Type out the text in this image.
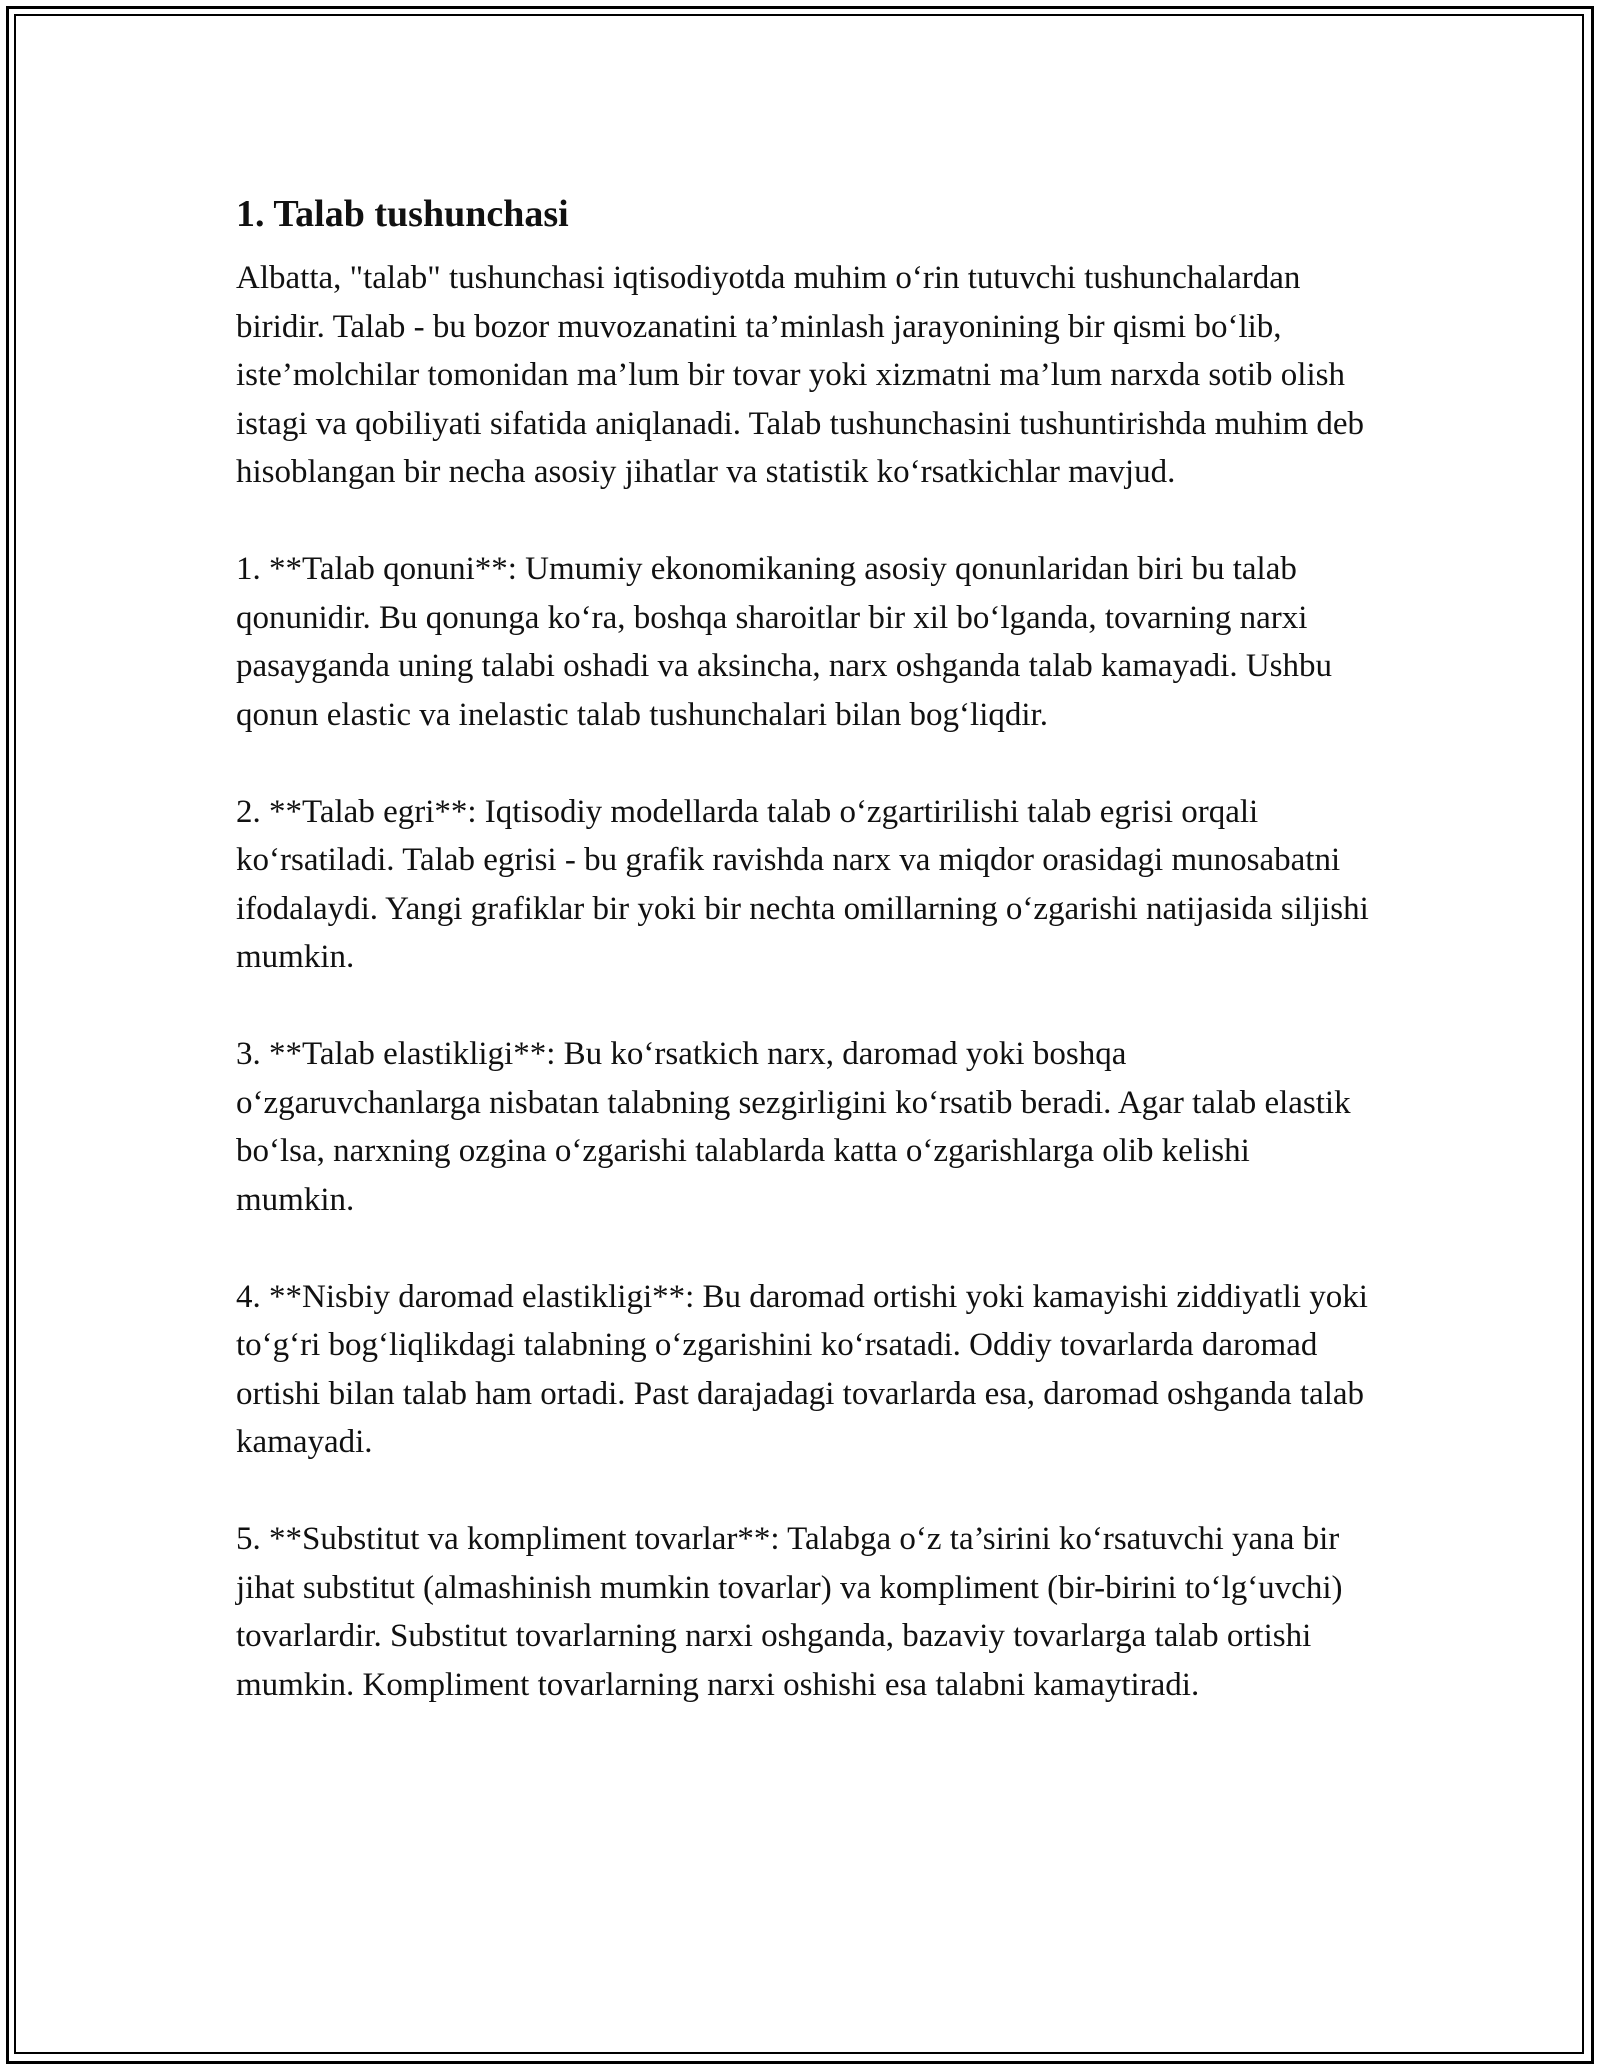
1. Talab tushunchasi

Albatta, "talab" tushunchasi iqtisodiyotda muhim o‘rin tutuvchi tushunchalardan biridir. Talab - bu bozor muvozanatini ta’minlash jarayonining bir qismi bo‘lib, iste’molchilar tomonidan ma’lum bir tovar yoki xizmatni ma’lum narxda sotib olish istagi va qobiliyati sifatida aniqlanadi. Talab tushunchasini tushuntirishda muhim deb hisoblangan bir necha asosiy jihatlar va statistik ko‘rsatkichlar mavjud.

1. **Talab qonuni**: Umumiy ekonomikaning asosiy qonunlaridan biri bu talab qonunidir. Bu qonunga ko‘ra, boshqa sharoitlar bir xil bo‘lganda, tovarning narxi pasayganda uning talabi oshadi va aksincha, narx oshganda talab kamayadi. Ushbu qonun elastic va inelastic talab tushunchalari bilan bog‘liqdir.

2. **Talab egri**: Iqtisodiy modellarda talab o‘zgartirilishi talab egrisi orqali ko‘rsatiladi. Talab egrisi - bu grafik ravishda narx va miqdor orasidagi munosabatni ifodalaydi. Yangi grafiklar bir yoki bir nechta omillarning o‘zgarishi natijasida siljishi mumkin.

3. **Talab elastikligi**: Bu ko‘rsatkich narx, daromad yoki boshqa o‘zgaruvchanlarga nisbatan talabning sezgirligini ko‘rsatib beradi. Agar talab elastik bo‘lsa, narxning ozgina o‘zgarishi talablarda katta o‘zgarishlarga olib kelishi mumkin.

4. **Nisbiy daromad elastikligi**: Bu daromad ortishi yoki kamayishi ziddiyatli yoki to‘g‘ri bog‘liqlikdagi talabning o‘zgarishini ko‘rsatadi. Oddiy tovarlarda daromad ortishi bilan talab ham ortadi. Past darajadagi tovarlarda esa, daromad oshganda talab kamayadi.

5. **Substitut va kompliment tovarlar**: Talabga o‘z ta’sirini ko‘rsatuvchi yana bir jihat substitut (almashinish mumkin tovarlar) va kompliment (bir-birini to‘lg‘uvchi) tovarlardir. Substitut tovarlarning narxi oshganda, bazaviy tovarlarga talab ortishi mumkin. Kompliment tovarlarning narxi oshishi esa talabni kamaytiradi.
